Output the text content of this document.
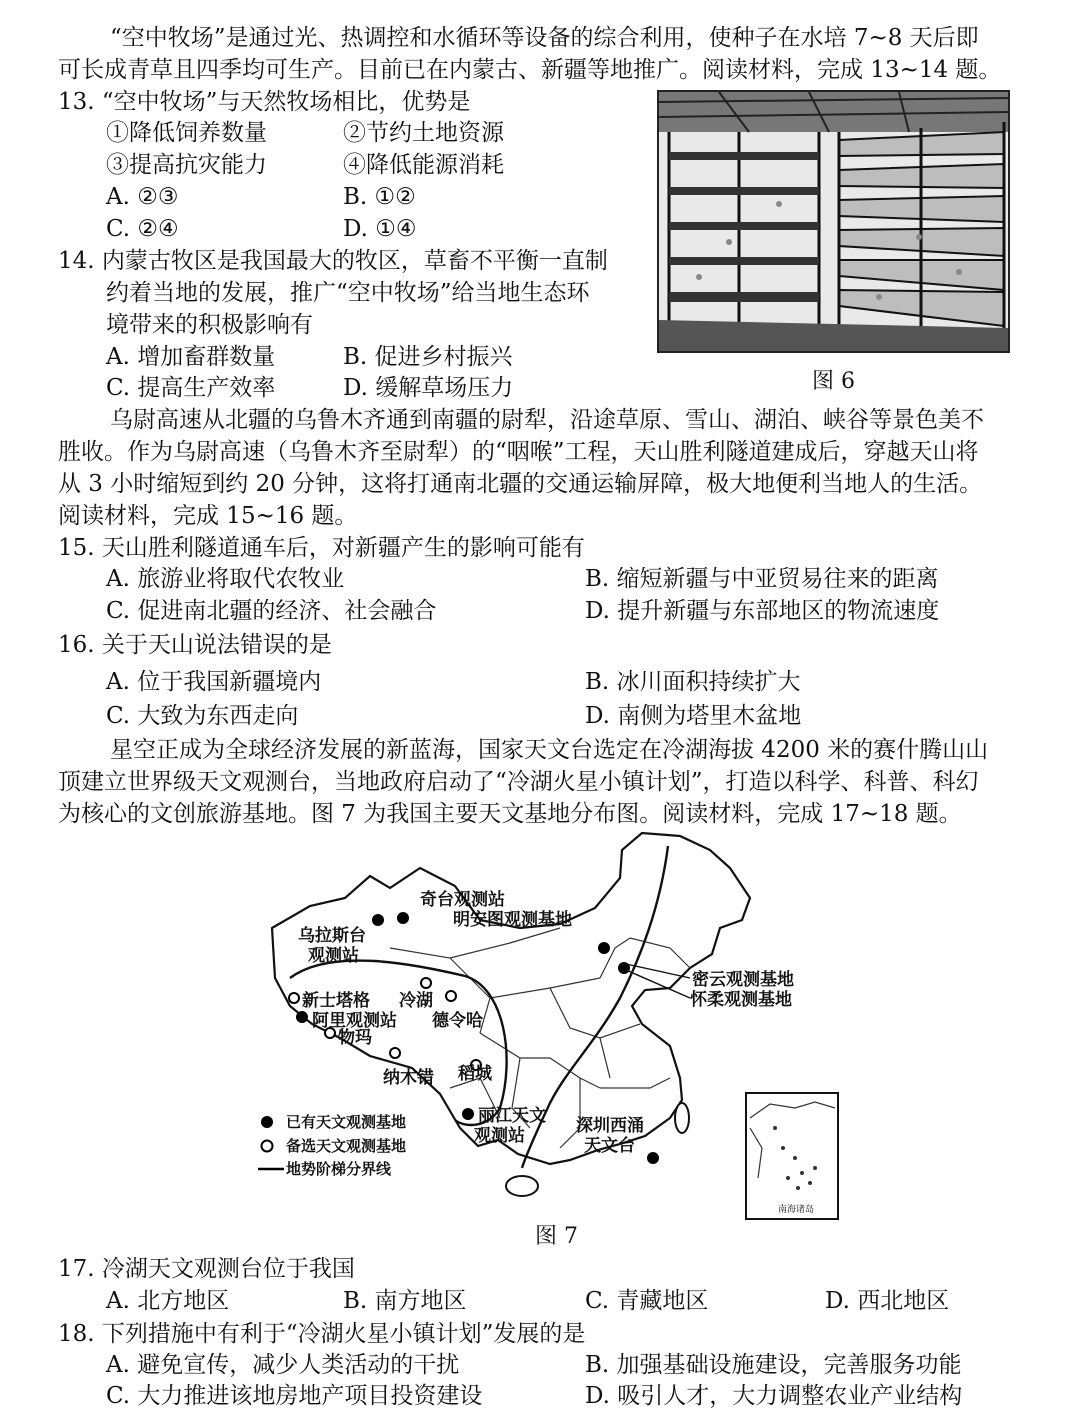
“空中牧场”是通过光、热调控和水循环等设备的综合利用，使种子在水培 7~8 天后即
可长成青草且四季均可生产。目前已在内蒙古、新疆等地推广。阅读材料，完成 13~14 题。
13. “空中牧场”与天然牧场相比，优势是
①降低饲养数量	②节约土地资源
③提高抗灾能力	④降低能源消耗
A. ②③	B. ①②
C. ②④	D. ①④
14. 内蒙古牧区是我国最大的牧区，草畜不平衡一直制
约着当地的发展，推广“空中牧场”给当地生态环
境带来的积极影响有
A. 增加畜群数量	B. 促进乡村振兴
C. 提高生产效率	D. 缓解草场压力	图 6
乌尉高速从北疆的乌鲁木齐通到南疆的尉犁，沿途草原、雪山、湖泊、峡谷等景色美不
胜收。作为乌尉高速（乌鲁木齐至尉犁）的“咽喉”工程，天山胜利隧道建成后，穿越天山将
从 3 小时缩短到约 20 分钟，这将打通南北疆的交通运输屏障，极大地便利当地人的生活。
阅读材料，完成 15~16 题。
15. 天山胜利隧道通车后，对新疆产生的影响可能有
A. 旅游业将取代农牧业	B. 缩短新疆与中亚贸易往来的距离
C. 促进南北疆的经济、社会融合	D. 提升新疆与东部地区的物流速度
16. 关于天山说法错误的是
A. 位于我国新疆境内	B. 冰川面积持续扩大
C. 大致为东西走向	D. 南侧为塔里木盆地
星空正成为全球经济发展的新蓝海，国家天文台选定在冷湖海拔 4200 米的赛什腾山山
顶建立世界级天文观测台，当地政府启动了“冷湖火星小镇计划”，打造以科学、科普、科幻
为核心的文创旅游基地。图 7 为我国主要天文基地分布图。阅读材料，完成 17~18 题。
南海诸岛
奇台观测站
明安图观测基地
乌拉斯台
观测站
密云观测基地
怀柔观测基地
新士塔格 冷湖
阿里观测站 德令哈
物玛
纳木错 稻城
丽江天文
观测站	深圳西涌
天文台
已有天文观测基地
备选天文观测基地
地势阶梯分界线
图 7
17. 冷湖天文观测台位于我国
A. 北方地区	B. 南方地区	C. 青藏地区	D. 西北地区
18. 下列措施中有利于“冷湖火星小镇计划”发展的是
A. 避免宣传，减少人类活动的干扰	B. 加强基础设施建设，完善服务功能
C. 大力推进该地房地产项目投资建设	D. 吸引人才，大力调整农业产业结构
